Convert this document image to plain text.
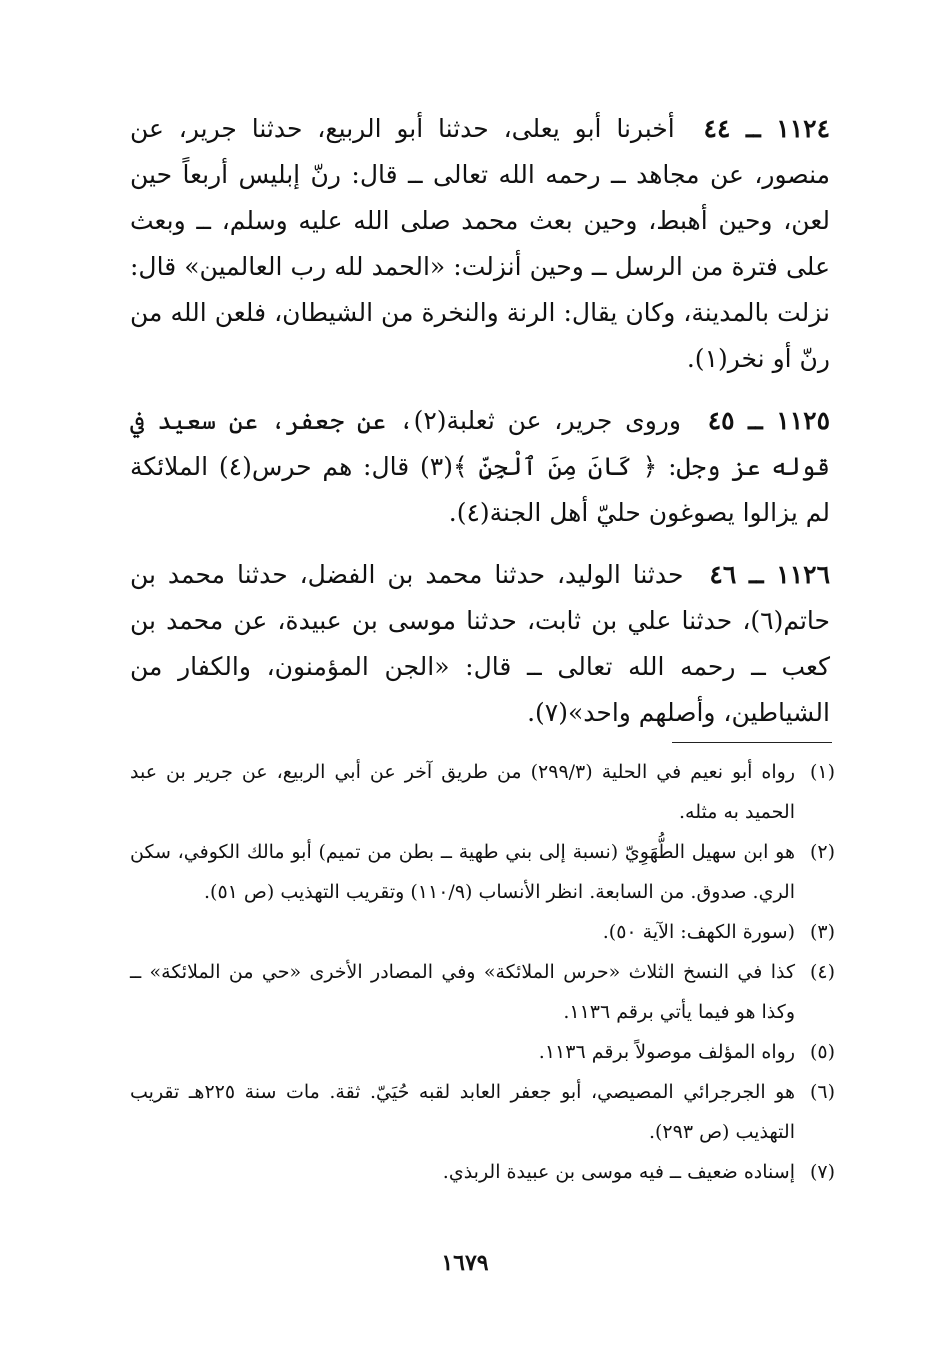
١١٢٤ ــ ٤٤ أخبرنا أبو يعلى، حدثنا أبو الربيع، حدثنا جرير، عن منصور، عن مجاهد ــ رحمه الله تعالى ــ قال: رنّ إبليس أربعاً حين لعن، وحين أهبط، وحين بعث محمد صلى الله عليه وسلم، ــ وبعث على فترة من الرسل ــ وحين أنزلت: «الحمد لله رب العالمين» قال: نزلت بالمدينة، وكان يقال: الرنة والنخرة من الشيطان، فلعن الله من رنّ أو نخر(١).

١١٢٥ ــ ٤٥ وروى جرير، عن ثعلبة(٢)، عن جعفر، عن سعيد في قوله عز وجل: ﴿ كَانَ مِنَ ٱلْجِنِّ ﴾(٣) قال: هم حرس(٤) الملائكة لم يزالوا يصوغون حليّ أهل الجنة(٤).

١١٢٦ ــ ٤٦ حدثنا الوليد، حدثنا محمد بن الفضل، حدثنا محمد بن حاتم(٦)، حدثنا علي بن ثابت، حدثنا موسى بن عبيدة، عن محمد بن كعب ــ رحمه الله تعالى ــ قال: «الجن المؤمنون، والكفار من الشياطين، وأصلهم واحد»(٧).

(١)
رواه أبو نعيم في الحلية (٢٩٩/٣) من طريق آخر عن أبي الربيع، عن جرير بن عبد الحميد به مثله.
(٢)
هو ابن سهيل الطُّهَوِيّ (نسبة إلى بني طهية ــ بطن من تميم) أبو مالك الكوفي، سكن الري. صدوق. من السابعة. انظر الأنساب (١١٠/٩) وتقريب التهذيب (ص ٥١).
(٣)
(سورة الكهف: الآية ٥٠).
(٤)
كذا في النسخ الثلاث «حرس الملائكة» وفي المصادر الأخرى «حي من الملائكة» ــ وكذا هو فيما يأتي برقم ١١٣٦.
(٥)
رواه المؤلف موصولاً برقم ١١٣٦.
(٦)
هو الجرجرائي المصيصي، أبو جعفر العابد لقبه حُيَيّ. ثقة. مات سنة ٢٢٥هـ تقريب التهذيب (ص ٢٩٣).
(٧)
إسناده ضعيف ــ فيه موسى بن عبيدة الربذي.
١٦٧٩
